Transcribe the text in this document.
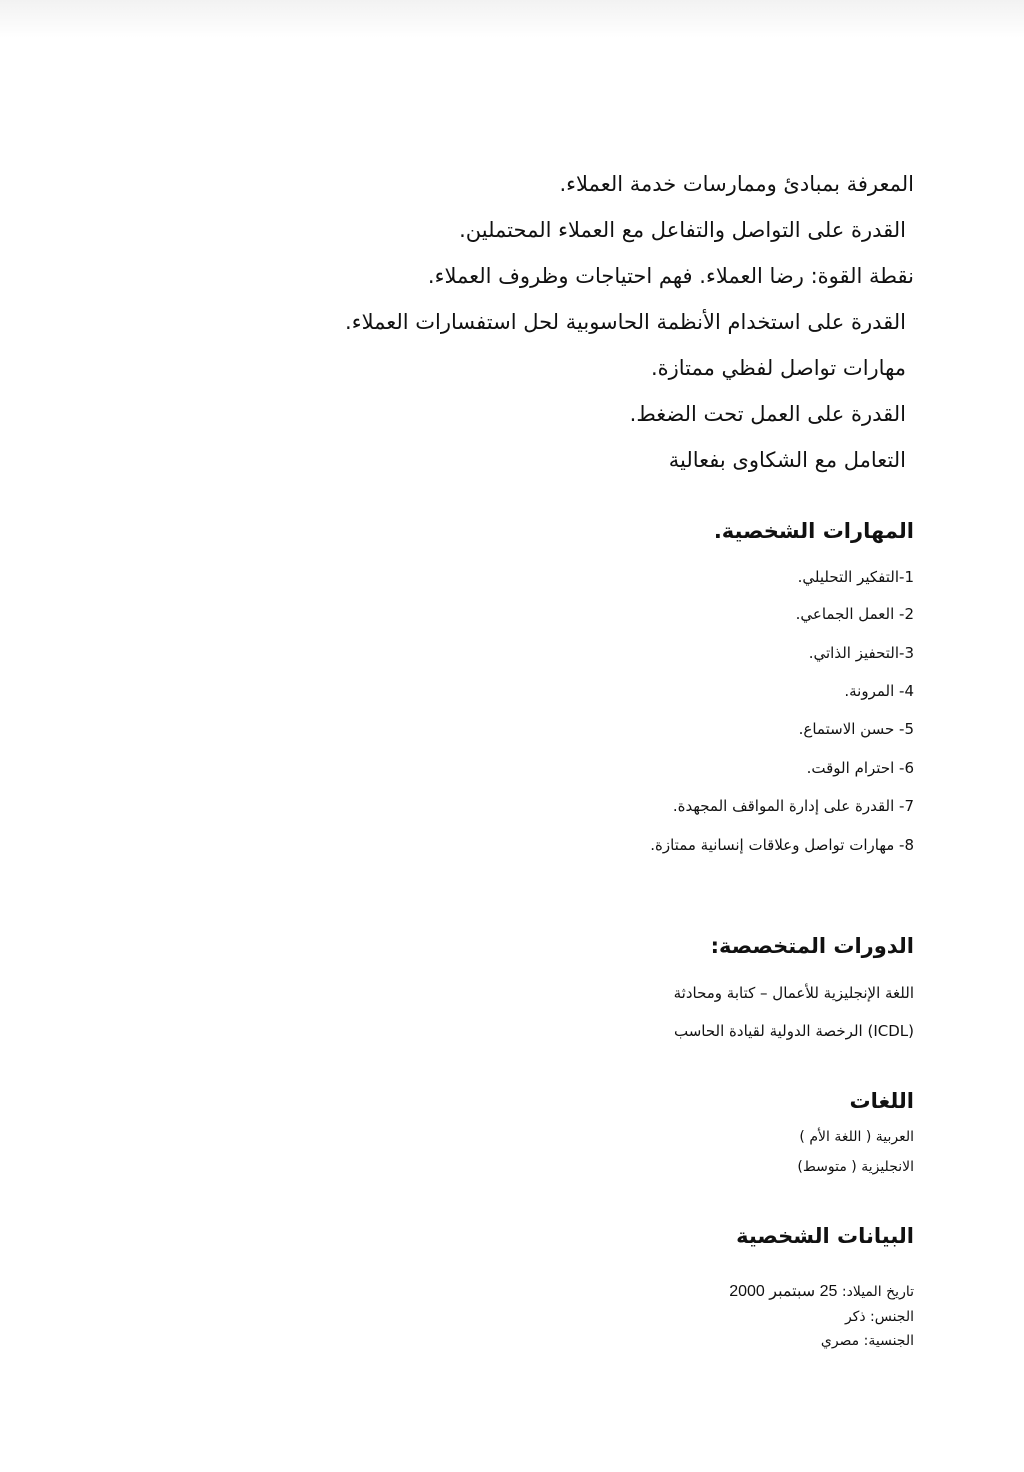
المعرفة بمبادئ وممارسات خدمة العملاء.
القدرة على التواصل والتفاعل مع العملاء المحتملين.
نقطة القوة: رضا العملاء. فهم احتياجات وظروف العملاء.
القدرة على استخدام الأنظمة الحاسوبية لحل استفسارات العملاء.
مهارات تواصل لفظي ممتازة.
القدرة على العمل تحت الضغط.
التعامل مع الشكاوى بفعالية
المهارات الشخصية.
1-التفكير التحليلي.
2- العمل الجماعي.
3-التحفيز الذاتي.
4- المرونة.
5- حسن الاستماع.
6- احترام الوقت.
7- القدرة على إدارة المواقف المجهدة.
8- مهارات تواصل وعلاقات إنسانية ممتازة.
الدورات المتخصصة:
اللغة الإنجليزية للأعمال – كتابة ومحادثة
(ICDL) الرخصة الدولية لقيادة الحاسب
اللغات
العربية ( اللغة الأم )
الانجليزية ( متوسط)
البيانات الشخصية
تاريخ الميلاد: 25 سبتمبر 2000
الجنس: ذكر
الجنسية: مصري
